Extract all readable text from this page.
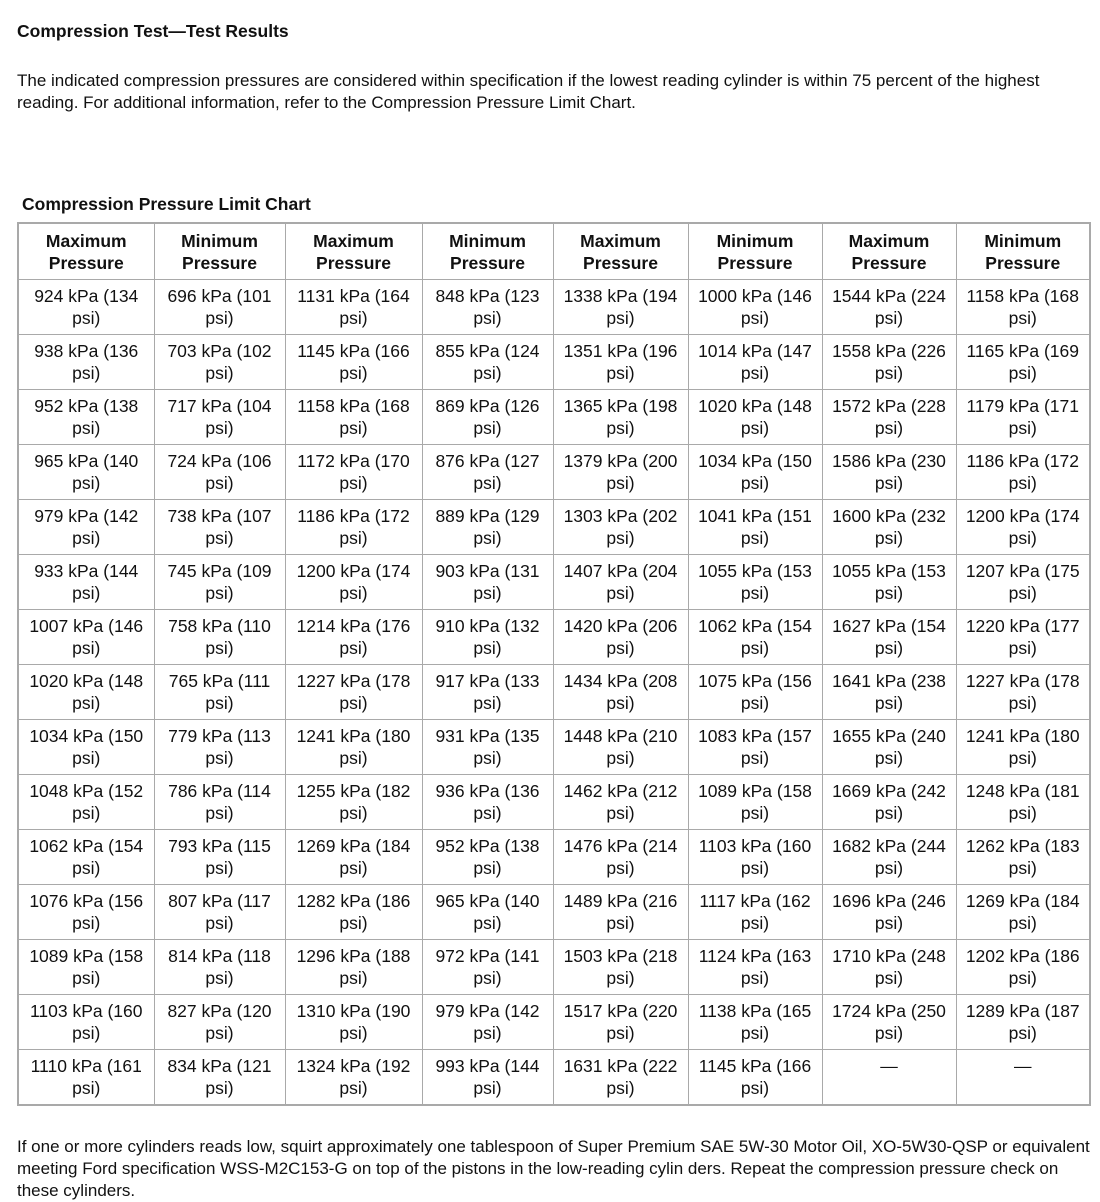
Compression Test—Test Results

The indicated compression pressures are considered within specification if the lowest reading cylinder is within 75 percent of the highest reading. For additional information, refer to the Compression Pressure Limit Chart.

Compression Pressure Limit Chart
Maximum Pressure	Minimum Pressure	Maximum Pressure	Minimum Pressure	Maximum Pressure	Minimum Pressure	Maximum Pressure	Minimum Pressure
924 kPa (134 psi)	696 kPa (101 psi)	1131 kPa (164 psi)	848 kPa (123 psi)	1338 kPa (194 psi)	1000 kPa (146 psi)	1544 kPa (224 psi)	1158 kPa (168 psi)
938 kPa (136 psi)	703 kPa (102 psi)	1145 kPa (166 psi)	855 kPa (124 psi)	1351 kPa (196 psi)	1014 kPa (147 psi)	1558 kPa (226 psi)	1165 kPa (169 psi)
952 kPa (138 psi)	717 kPa (104 psi)	1158 kPa (168 psi)	869 kPa (126 psi)	1365 kPa (198 psi)	1020 kPa (148 psi)	1572 kPa (228 psi)	1179 kPa (171 psi)
965 kPa (140 psi)	724 kPa (106 psi)	1172 kPa (170 psi)	876 kPa (127 psi)	1379 kPa (200 psi)	1034 kPa (150 psi)	1586 kPa (230 psi)	1186 kPa (172 psi)
979 kPa (142 psi)	738 kPa (107 psi)	1186 kPa (172 psi)	889 kPa (129 psi)	1303 kPa (202 psi)	1041 kPa (151 psi)	1600 kPa (232 psi)	1200 kPa (174 psi)
933 kPa (144 psi)	745 kPa (109 psi)	1200 kPa (174 psi)	903 kPa (131 psi)	1407 kPa (204 psi)	1055 kPa (153 psi)	1055 kPa (153 psi)	1207 kPa (175 psi)
1007 kPa (146 psi)	758 kPa (110 psi)	1214 kPa (176 psi)	910 kPa (132 psi)	1420 kPa (206 psi)	1062 kPa (154 psi)	1627 kPa (154 psi)	1220 kPa (177 psi)
1020 kPa (148 psi)	765 kPa (111 psi)	1227 kPa (178 psi)	917 kPa (133 psi)	1434 kPa (208 psi)	1075 kPa (156 psi)	1641 kPa (238 psi)	1227 kPa (178 psi)
1034 kPa (150 psi)	779 kPa (113 psi)	1241 kPa (180 psi)	931 kPa (135 psi)	1448 kPa (210 psi)	1083 kPa (157 psi)	1655 kPa (240 psi)	1241 kPa (180 psi)
1048 kPa (152 psi)	786 kPa (114 psi)	1255 kPa (182 psi)	936 kPa (136 psi)	1462 kPa (212 psi)	1089 kPa (158 psi)	1669 kPa (242 psi)	1248 kPa (181 psi)
1062 kPa (154 psi)	793 kPa (115 psi)	1269 kPa (184 psi)	952 kPa (138 psi)	1476 kPa (214 psi)	1103 kPa (160 psi)	1682 kPa (244 psi)	1262 kPa (183 psi)
1076 kPa (156 psi)	807 kPa (117 psi)	1282 kPa (186 psi)	965 kPa (140 psi)	1489 kPa (216 psi)	1117 kPa (162 psi)	1696 kPa (246 psi)	1269 kPa (184 psi)
1089 kPa (158 psi)	814 kPa (118 psi)	1296 kPa (188 psi)	972 kPa (141 psi)	1503 kPa (218 psi)	1124 kPa (163 psi)	1710 kPa (248 psi)	1202 kPa (186 psi)
1103 kPa (160 psi)	827 kPa (120 psi)	1310 kPa (190 psi)	979 kPa (142 psi)	1517 kPa (220 psi)	1138 kPa (165 psi)	1724 kPa (250 psi)	1289 kPa (187 psi)
1110 kPa (161 psi)	834 kPa (121 psi)	1324 kPa (192 psi)	993 kPa (144 psi)	1631 kPa (222 psi)	1145 kPa (166 psi)	—	—

If one or more cylinders reads low, squirt approximately one tablespoon of Super Premium SAE 5W-30 Motor Oil, XO-5W30-QSP or equivalent meeting Ford specification WSS-M2C153-G on top of the pistons in the low-reading cylin ders. Repeat the compression pressure check on these cylinders.
